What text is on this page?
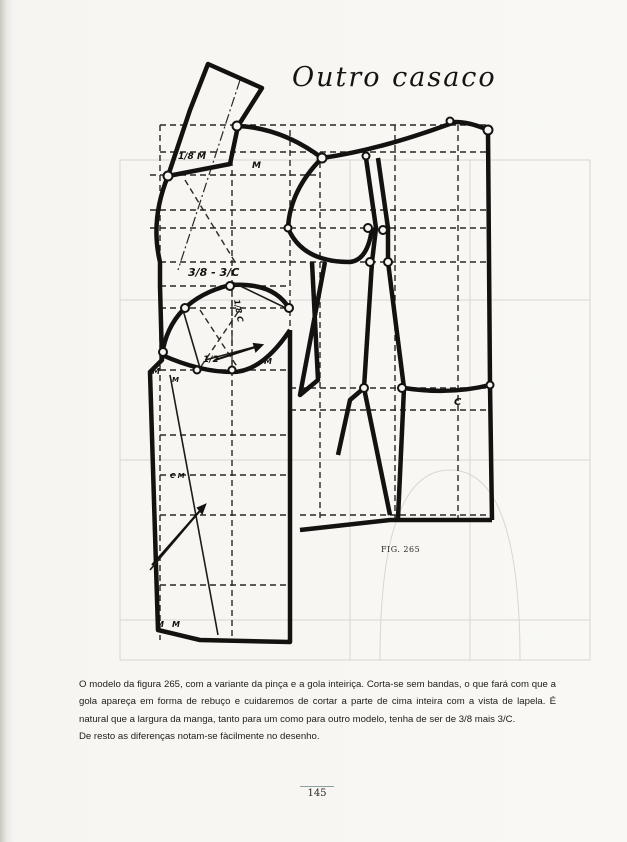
Outro casaco
1/8 M
M
3/8 - 3/C
1/8 C
1/2
M
M
M
C M
C
M M
FIG. 265

O modelo da figura 265, com a variante da pinça e a gola inteiriça. Corta-se sem bandas, o que fará com que a gola apareça em forma de rebuço e cuidaremos de cortar a parte de cima inteira com a vista de lapela. É natural que a largura da manga, tanto para um como para outro modelo, tenha de ser de 3/8 mais 3/C.

De resto as diferenças notam-se fàcilmente no desenho.

145
